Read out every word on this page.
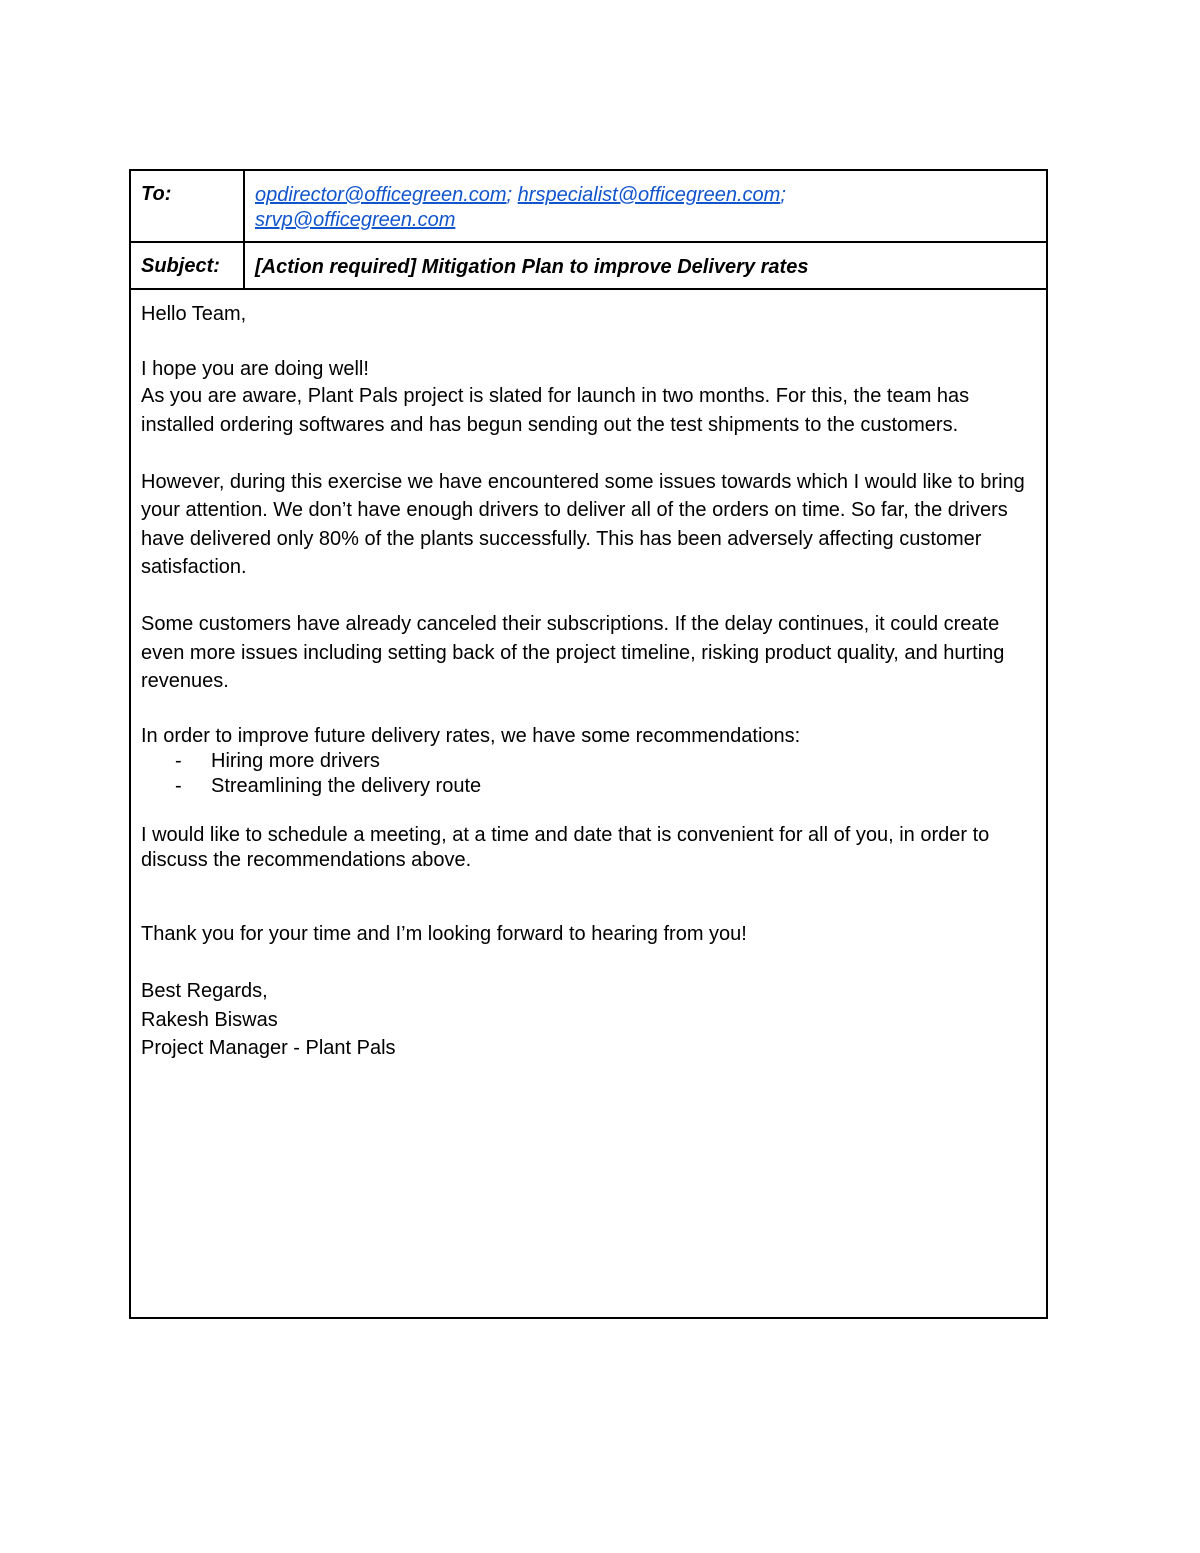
To:	opdirector@officegreen.com; hrspecialist@officegreen.com;
srvp@officegreen.com
Subject:	[Action required] Mitigation Plan to improve Delivery rates

Hello Team,

I hope you are doing well!

As you are aware, Plant Pals project is slated for launch in two months. For this, the team has installed ordering softwares and has begun sending out the test shipments to the customers.

However, during this exercise we have encountered some issues towards which I would like to bring your attention. We don’t have enough drivers to deliver all of the orders on time. So far, the drivers have delivered only 80% of the plants successfully. This has been adversely affecting customer satisfaction.

Some customers have already canceled their subscriptions. If the delay continues, it could create even more issues including setting back of the project timeline, risking product quality, and hurting revenues.

In order to improve future delivery rates, we have some recommendations:

-	Hiring more drivers
-	Streamlining the delivery route

I would like to schedule a meeting, at a time and date that is convenient for all of you, in order to discuss the recommendations above.

Thank you for your time and I’m looking forward to hearing from you!

Best Regards,

Rakesh Biswas

Project Manager - Plant Pals
